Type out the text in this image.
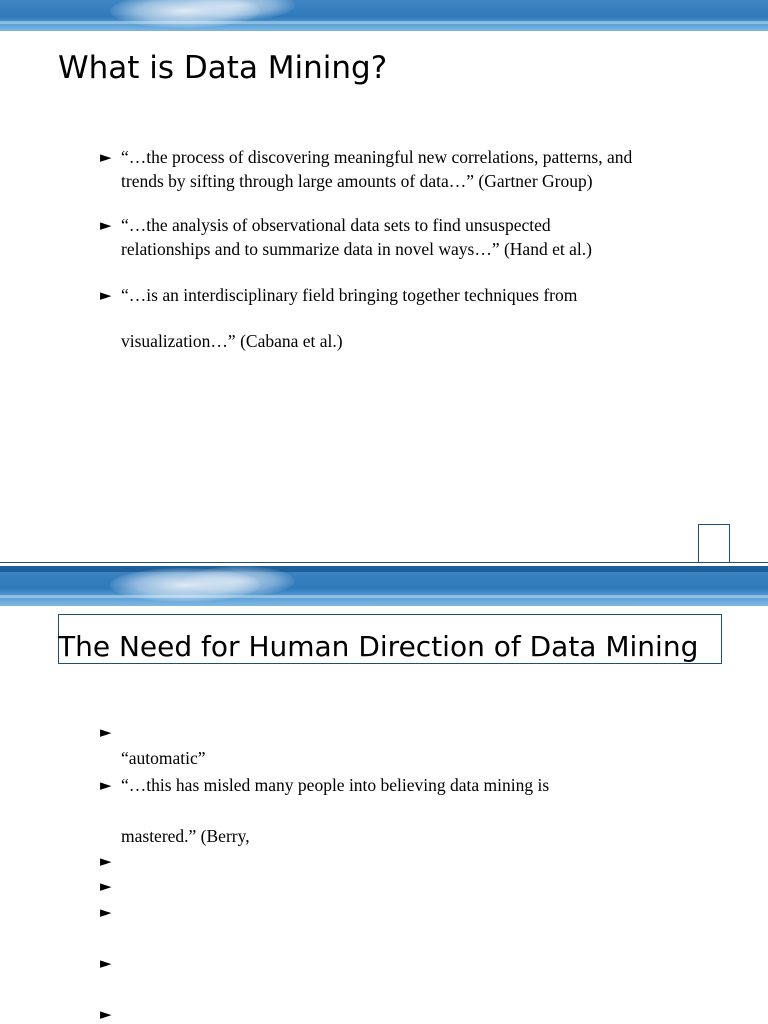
What is Data Mining?
► “…the process of discovering meaningful new correlations, patterns, and
trends by sifting through large amounts of data…” (Gartner Group)
► “…the analysis of observational data sets to find unsuspected
relationships and to summarize data in novel ways…” (Hand et al.)
► “…is an interdisciplinary field bringing together techniques from
visualization…” (Cabana et al.)
The Need for Human Direction of Data Mining
►

“automatic”
► “…this has misled many people into believing data mining is
mastered.” (Berry,
►
►
►
►
►
